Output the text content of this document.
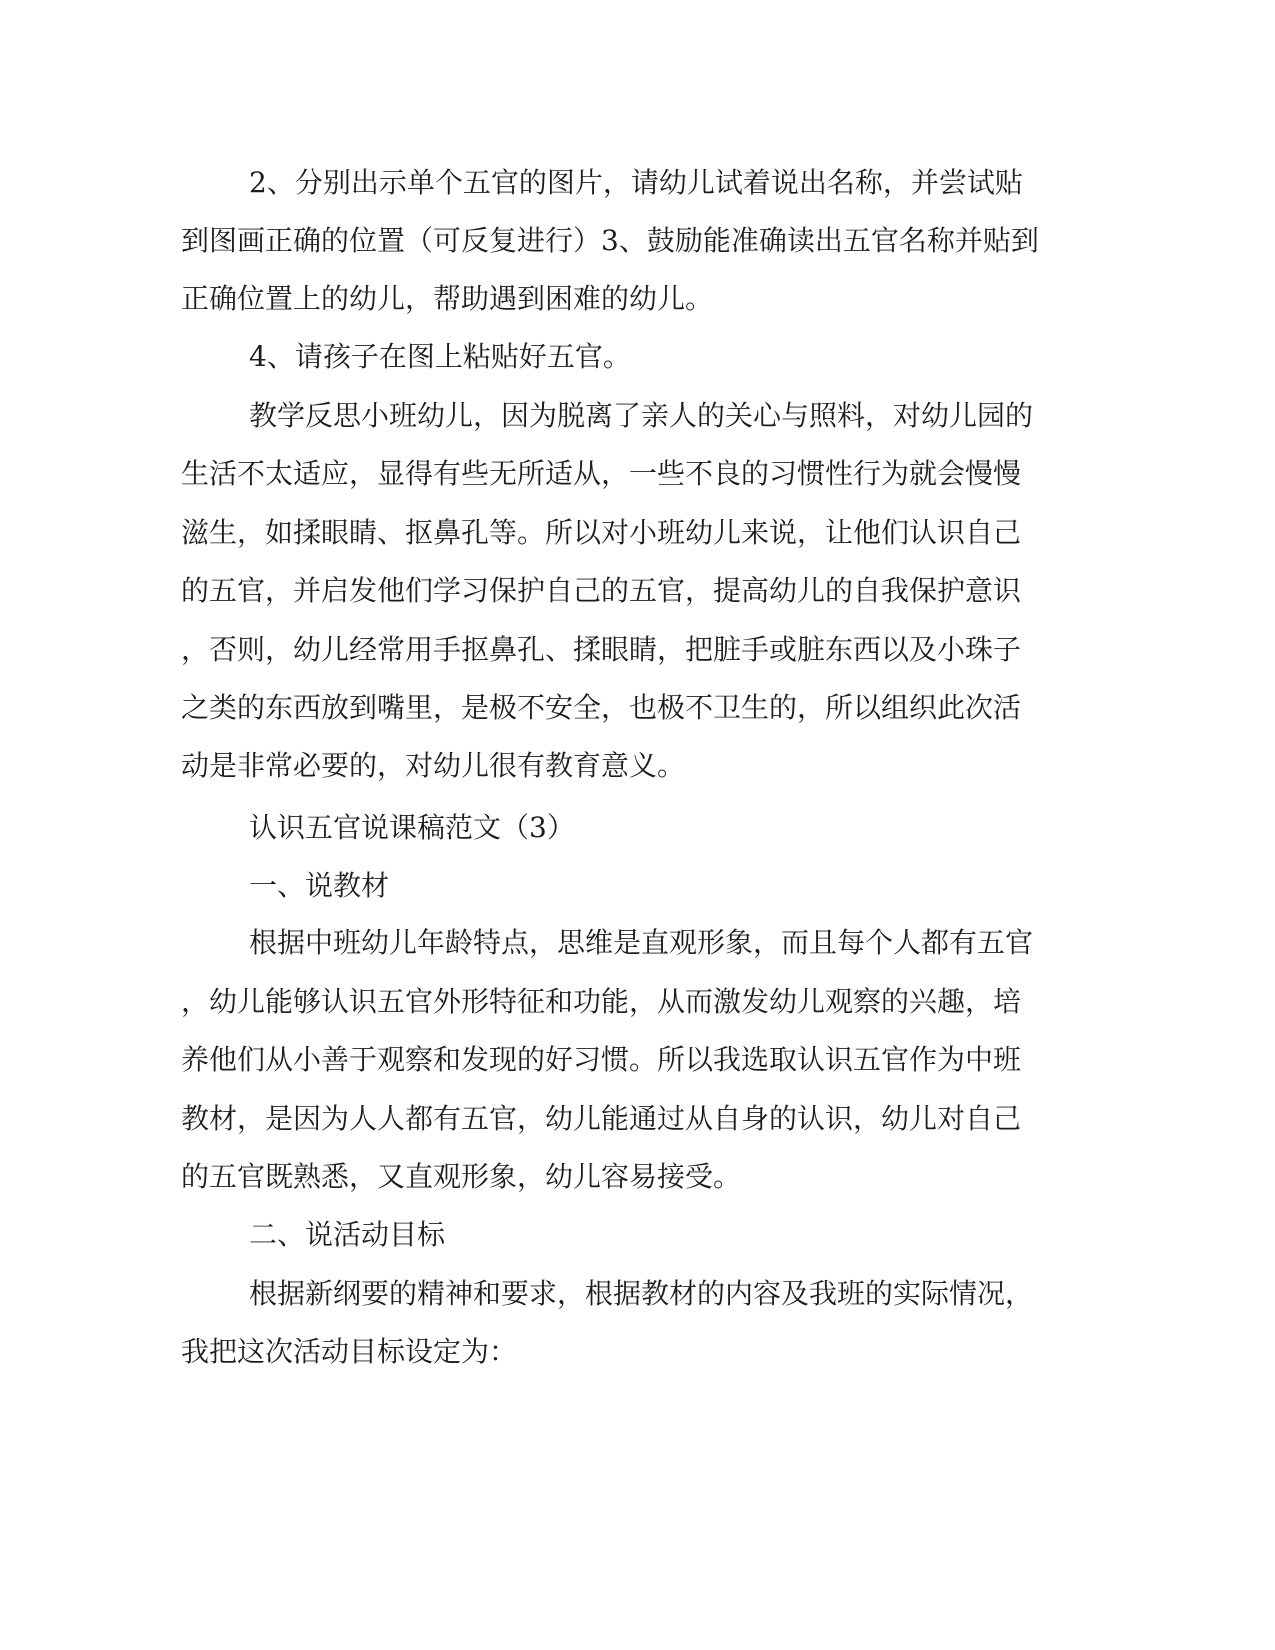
2、分别出示单个五官的图片，请幼儿试着说出名称，并尝试贴
到图画正确的位置（可反复进行）3、鼓励能准确读出五官名称并贴到
正确位置上的幼儿，帮助遇到困难的幼儿。
4、请孩子在图上粘贴好五官。
教学反思小班幼儿，因为脱离了亲人的关心与照料，对幼儿园的
生活不太适应，显得有些无所适从，一些不良的习惯性行为就会慢慢
滋生，如揉眼睛、抠鼻孔等。所以对小班幼儿来说，让他们认识自己
的五官，并启发他们学习保护自己的五官，提高幼儿的自我保护意识
，否则，幼儿经常用手抠鼻孔、揉眼睛，把脏手或脏东西以及小珠子
之类的东西放到嘴里，是极不安全，也极不卫生的，所以组织此次活
动是非常必要的，对幼儿很有教育意义。
认识五官说课稿范文（3）
一、说教材
根据中班幼儿年龄特点，思维是直观形象，而且每个人都有五官
，幼儿能够认识五官外形特征和功能，从而激发幼儿观察的兴趣，培
养他们从小善于观察和发现的好习惯。所以我选取认识五官作为中班
教材，是因为人人都有五官，幼儿能通过从自身的认识，幼儿对自己
的五官既熟悉，又直观形象，幼儿容易接受。
二、说活动目标
根据新纲要的精神和要求，根据教材的内容及我班的实际情况，
我把这次活动目标设定为：
